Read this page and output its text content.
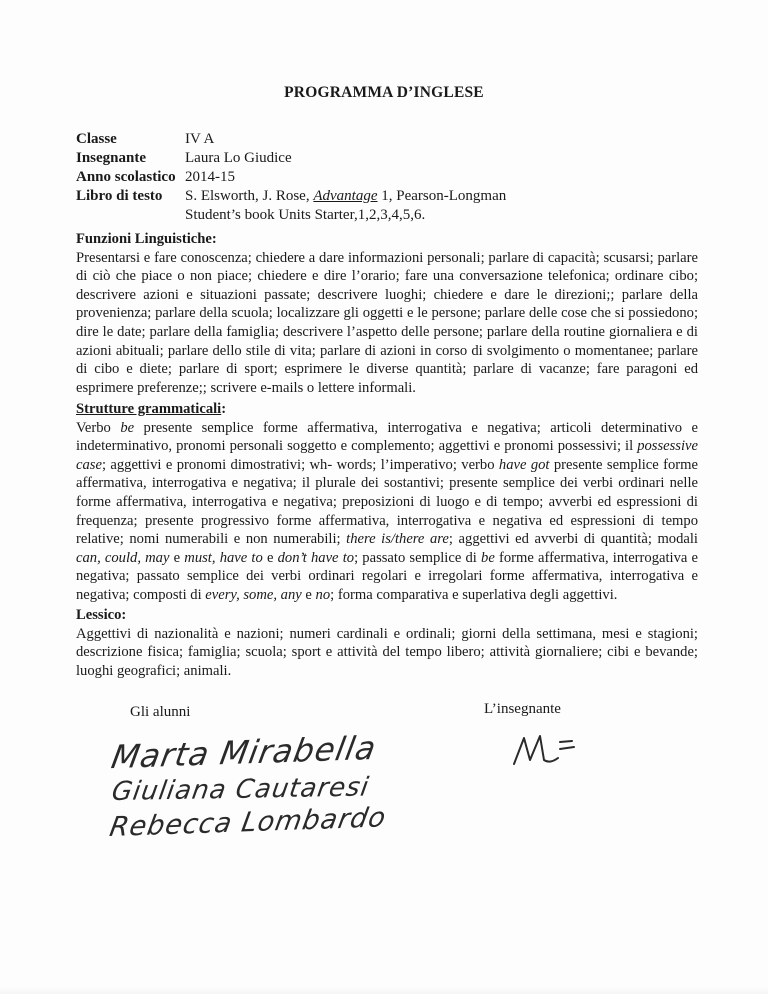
PROGRAMMA D’INGLESE
Classe	IV A
Insegnante	Laura Lo Giudice
Anno scolastico 2014-15
Libro di testo	S. Elsworth, J. Rose, Advantage 1, Pearson-Longman
Student’s book Units Starter,1,2,3,4,5,6.
Funzioni Linguistiche:
Presentarsi e fare conoscenza; chiedere a dare informazioni personali; parlare di capacità; scusarsi; parlare di ciò che piace o non piace; chiedere e dire l’orario; fare una conversazione telefonica; ordinare cibo; descrivere azioni e situazioni passate; descrivere luoghi; chiedere e dare le direzioni;; parlare della provenienza; parlare della scuola; localizzare gli oggetti e le persone; parlare delle cose che si possiedono; dire le date; parlare della famiglia; descrivere l’aspetto delle persone; parlare della routine giornaliera e di azioni abituali; parlare dello stile di vita; parlare di azioni in corso di svolgimento o momentanee; parlare di cibo e diete; parlare di sport; esprimere le diverse quantità; parlare di vacanze; fare paragoni ed esprimere preferenze;; scrivere e-mails o lettere informali.
Strutture grammaticali:
Verbo be presente semplice forme affermativa, interrogativa e negativa; articoli determinativo e indeterminativo, pronomi personali soggetto e complemento; aggettivi e pronomi possessivi; il possessive case; aggettivi e pronomi dimostrativi; wh- words; l’imperativo; verbo have got presente semplice forme affermativa, interrogativa e negativa; il plurale dei sostantivi; presente semplice dei verbi ordinari nelle forme affermativa, interrogativa e negativa; preposizioni di luogo e di tempo; avverbi ed espressioni di frequenza; presente progressivo forme affermativa, interrogativa e negativa ed espressioni di tempo relative; nomi numerabili e non numerabili; there is/there are; aggettivi ed avverbi di quantità; modali can, could, may e must, have to e don’t have to; passato semplice di be forme affermativa, interrogativa e negativa; passato semplice dei verbi ordinari regolari e irregolari forme affermativa, interrogativa e negativa; composti di every, some, any e no; forma comparativa e superlativa degli aggettivi.
Lessico:
Aggettivi di nazionalità e nazioni; numeri cardinali e ordinali; giorni della settimana, mesi e stagioni; descrizione fisica; famiglia; scuola; sport e attività del tempo libero; attività giornaliere; cibi e bevande; luoghi geografici; animali.
Gli alunni	L’insegnante
Marta Mirabella
Giuliana Cautaresi
Rebecca Lombardo
